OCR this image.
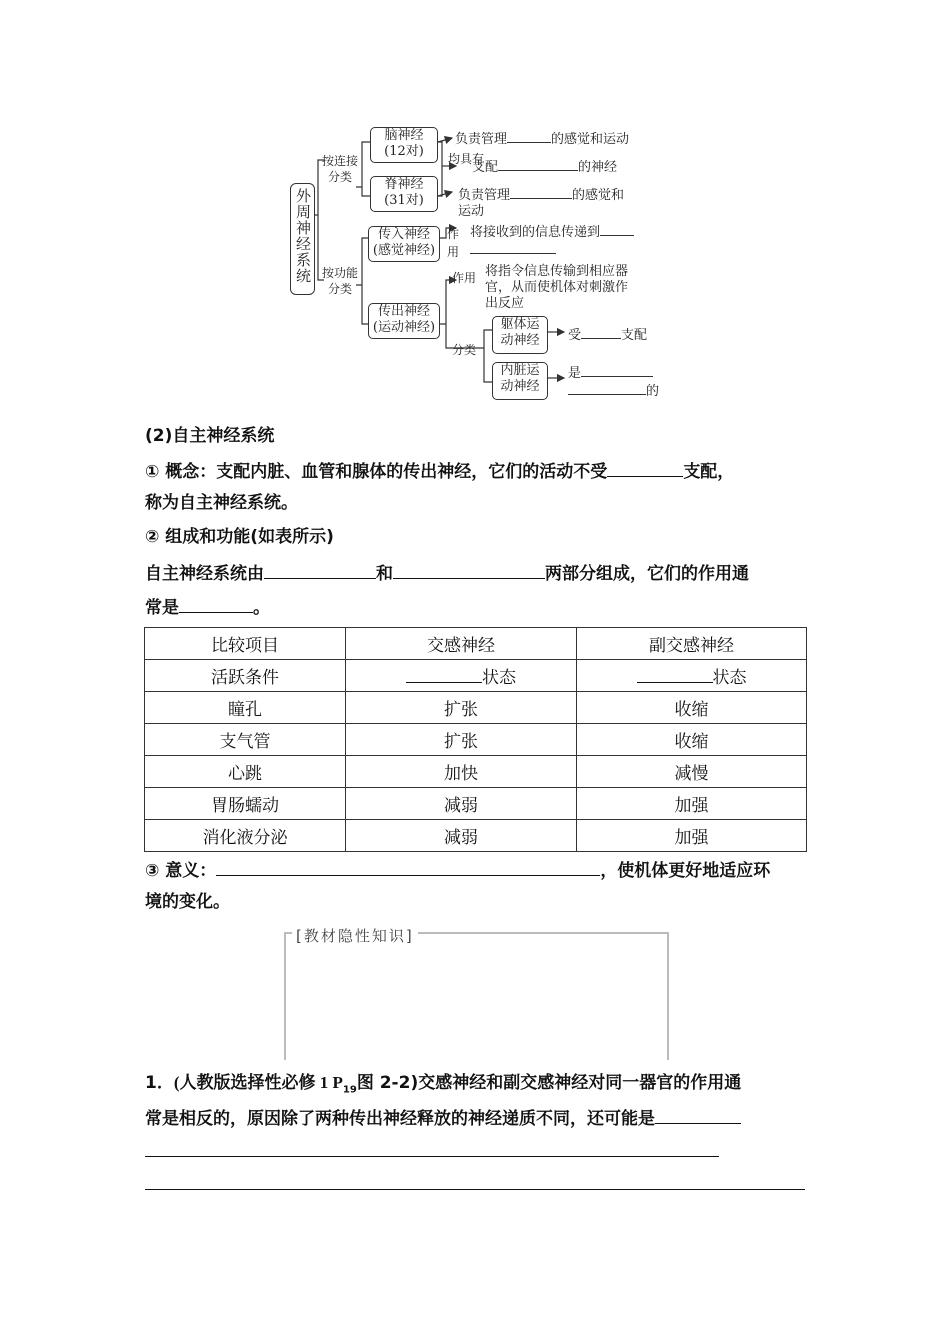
外周神经系统
按连接分类
按功能分类
脑神经
(12对)
脊神经
(31对)
负责管理	的感觉和运动
均具有
支配	的神经
负责管理	的感觉和
运动
传入神经
(感觉神经)
作
用
将接收到的信息传递到
传出神经
(运动神经)
作用 将指令信息传输到相应器
官，从而使机体对刺激作
出反应
分类
躯体运
动神经	受	支配
内脏运
动神经
是
的
(2)自主神经系统
① 概念：支配内脏、血管和腺体的传出神经，它们的活动不受	支配，
称为自主神经系统。
② 组成和功能(如表所示)
自主神经系统由	和	两部分组成，它们的作用通
常是	。
比较项目	交感神经	副交感神经
活跃条件	状态	状态
瞳孔	扩张	收缩
支气管	扩张	收缩
心跳	加快	减慢
胃肠蠕动	减弱	加强
消化液分泌	减弱	加强
③ 意义：	，使机体更好地适应环
境的变化。
[教材隐性知识]
1．(人教版选择性必修 1 $P_{19}$图 2-2)交感神经和副交感神经对同一器官的作用通
常是相反的，原因除了两种传出神经释放的神经递质不同，还可能是
